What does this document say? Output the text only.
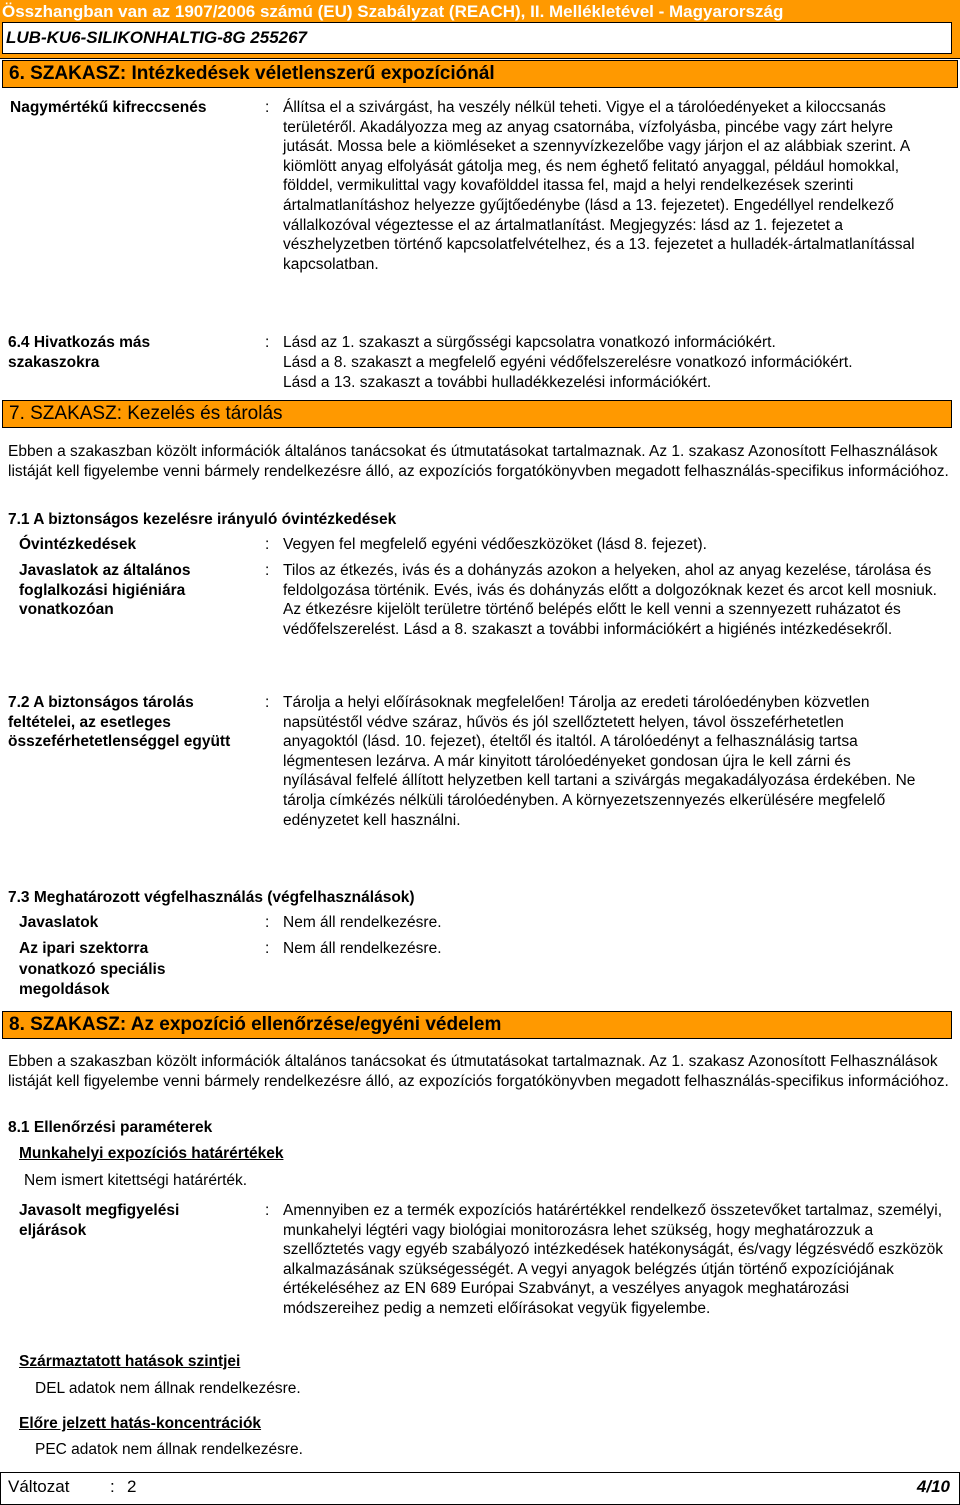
Összhangban van az 1907/2006 számú (EU) Szabályzat (REACH), II. Mellékletével - Magyarország
LUB-KU6-SILIKONHALTIG-8G 255267
6. SZAKASZ: Intézkedések véletlenszerű expozíciónál
Nagymértékű kifreccsenés	: Állítsa el a szivárgást, ha veszély nélkül teheti. Vigye el a tárolóedényeket a kiloccsanás területéről. Akadályozza meg az anyag csatornába, vízfolyásba, pincébe vagy zárt helyre jutását. Mossa bele a kiömléseket a szennyvízkezelőbe vagy járjon el az alábbiak szerint. A kiömlött anyag elfolyását gátolja meg, és nem éghető felitató anyaggal, például homokkal, földdel, vermikulittal vagy kovafölddel itassa fel, majd a helyi rendelkezések szerinti ártalmatlanításhoz helyezze gyűjtőedénybe (lásd a 13. fejezetet). Engedéllyel rendelkező vállalkozóval végeztesse el az ártalmatlanítást. Megjegyzés: lásd az 1. fejezetet a vészhelyzetben történő kapcsolatfelvételhez, és a 13. fejezetet a hulladék-ártalmatlanítással kapcsolatban.
6.4 Hivatkozás más
szakaszokra
: Lásd az 1. szakaszt a sürgősségi kapcsolatra vonatkozó információkért.
Lásd a 8. szakaszt a megfelelő egyéni védőfelszerelésre vonatkozó információkért.
Lásd a 13. szakaszt a további hulladékkezelési információkért.
7. SZAKASZ: Kezelés és tárolás
Ebben a szakaszban közölt információk általános tanácsokat és útmutatásokat tartalmaznak. Az 1. szakasz Azonosított Felhasználások listáját kell figyelembe venni bármely rendelkezésre álló, az expozíciós forgatókönyvben megadott felhasználás-specifikus információhoz.
7.1 A biztonságos kezelésre irányuló óvintézkedések
Óvintézkedések	: Vegyen fel megfelelő egyéni védőeszközöket (lásd 8. fejezet).
Javaslatok az általános foglalkozási higiéniára vonatkozóan
: Tilos az étkezés, ivás és a dohányzás azokon a helyeken, ahol az anyag kezelése, tárolása és feldolgozása történik. Evés, ivás és dohányzás előtt a dolgozóknak kezet és arcot kell mosniuk. Az étkezésre kijelölt területre történő belépés előtt le kell venni a szennyezett ruházatot és védőfelszerelést. Lásd a 8. szakaszt a további információkért a higiénés intézkedésekről.
7.2 A biztonságos tárolás feltételei, az esetleges összeférhetetlenséggel együtt
: Tárolja a helyi előírásoknak megfelelően! Tárolja az eredeti tárolóedényben közvetlen napsütéstől védve száraz, hűvös és jól szellőztetett helyen, távol összeférhetetlen anyagoktól (lásd. 10. fejezet), ételtől és italtól. A tárolóedényt a felhasználásig tartsa légmentesen lezárva. A már kinyitott tárolóedényeket gondosan újra le kell zárni és nyílásával felfelé állított helyzetben kell tartani a szivárgás megakadályozása érdekében. Ne tárolja címkézés nélküli tárolóedényben. A környezetszennyezés elkerülésére megfelelő edényzetet kell használni.
7.3 Meghatározott végfelhasználás (végfelhasználások)
Javaslatok	: Nem áll rendelkezésre.
Az ipari szektorra vonatkozó speciális megoldások
: Nem áll rendelkezésre.
8. SZAKASZ: Az expozíció ellenőrzése/egyéni védelem
Ebben a szakaszban közölt információk általános tanácsokat és útmutatásokat tartalmaznak. Az 1. szakasz Azonosított Felhasználások listáját kell figyelembe venni bármely rendelkezésre álló, az expozíciós forgatókönyvben megadott felhasználás-specifikus információhoz.
8.1 Ellenőrzési paraméterek
Munkahelyi expozíciós határértékek
Nem ismert kitettségi határérték.
Javasolt megfigyelési eljárások
: Amennyiben ez a termék expozíciós határértékkel rendelkező összetevőket tartalmaz, személyi, munkahelyi légtéri vagy biológiai monitorozásra lehet szükség, hogy meghatározzuk a szellőztetés vagy egyéb szabályozó intézkedések hatékonyságát, és/vagy légzésvédő eszközök alkalmazásának szükségességét. A vegyi anyagok belégzés útján történő expozíciójának értékeléséhez az EN 689 Európai Szabványt, a veszélyes anyagok meghatározási módszereihez pedig a nemzeti előírásokat vegyük figyelembe.
Származtatott hatások szintjei
DEL adatok nem állnak rendelkezésre.
Előre jelzett hatás-koncentrációk
PEC adatok nem állnak rendelkezésre.
Változat : 2	4/10
